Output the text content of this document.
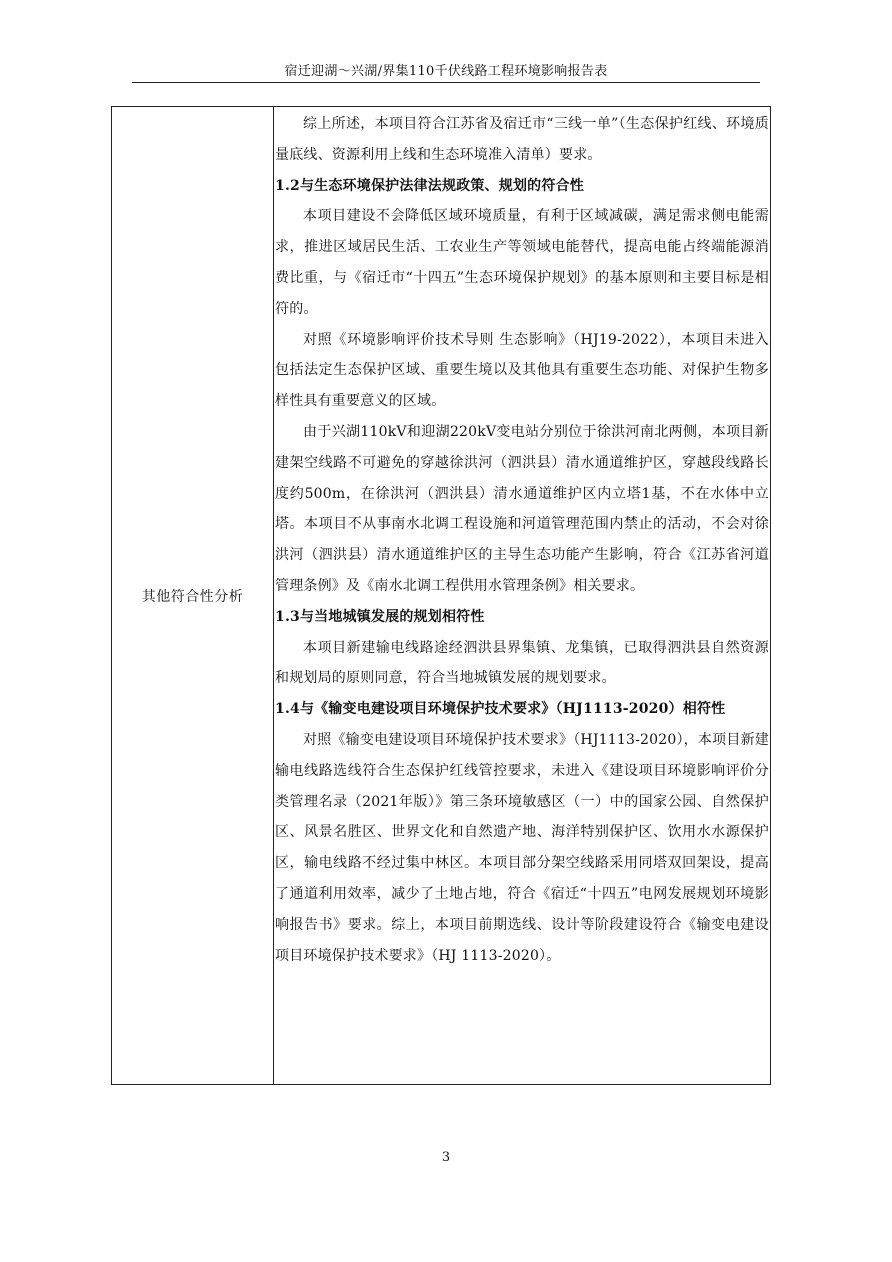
宿迁迎湖～兴湖/界集110千伏线路工程环境影响报告表
其他符合性分析

综上所述，本项目符合江苏省及宿迁市“三线一单”（生态保护红线、环境质量底线、资源利用上线和生态环境准入清单）要求。

1.2与生态环境保护法律法规政策、规划的符合性

本项目建设不会降低区域环境质量，有利于区域减碳，满足需求侧电能需求，推进区域居民生活、工农业生产等领域电能替代，提高电能占终端能源消费比重，与《宿迁市“十四五”生态环境保护规划》的基本原则和主要目标是相符的。

对照《环境影响评价技术导则 生态影响》（HJ19-2022），本项目未进入包括法定生态保护区域、重要生境以及其他具有重要生态功能、对保护生物多样性具有重要意义的区域。

由于兴湖110kV和迎湖220kV变电站分别位于徐洪河南北两侧，本项目新建架空线路不可避免的穿越徐洪河（泗洪县）清水通道维护区，穿越段线路长度约500m，在徐洪河（泗洪县）清水通道维护区内立塔1基，不在水体中立塔。本项目不从事南水北调工程设施和河道管理范围内禁止的活动，不会对徐洪河（泗洪县）清水通道维护区的主导生态功能产生影响，符合《江苏省河道管理条例》及《南水北调工程供用水管理条例》相关要求。

1.3与当地城镇发展的规划相符性

本项目新建输电线路途经泗洪县界集镇、龙集镇，已取得泗洪县自然资源和规划局的原则同意，符合当地城镇发展的规划要求。

1.4与《输变电建设项目环境保护技术要求》（HJ1113-2020）相符性

对照《输变电建设项目环境保护技术要求》（HJ1113-2020），本项目新建输电线路选线符合生态保护红线管控要求，未进入《建设项目环境影响评价分类管理名录（2021年版）》第三条环境敏感区（一）中的国家公园、自然保护区、风景名胜区、世界文化和自然遗产地、海洋特别保护区、饮用水水源保护区，输电线路不经过集中林区。本项目部分架空线路采用同塔双回架设，提高了通道利用效率，减少了土地占地，符合《宿迁“十四五”电网发展规划环境影响报告书》要求。综上，本项目前期选线、设计等阶段建设符合《输变电建设项目环境保护技术要求》（HJ 1113-2020）。

3
